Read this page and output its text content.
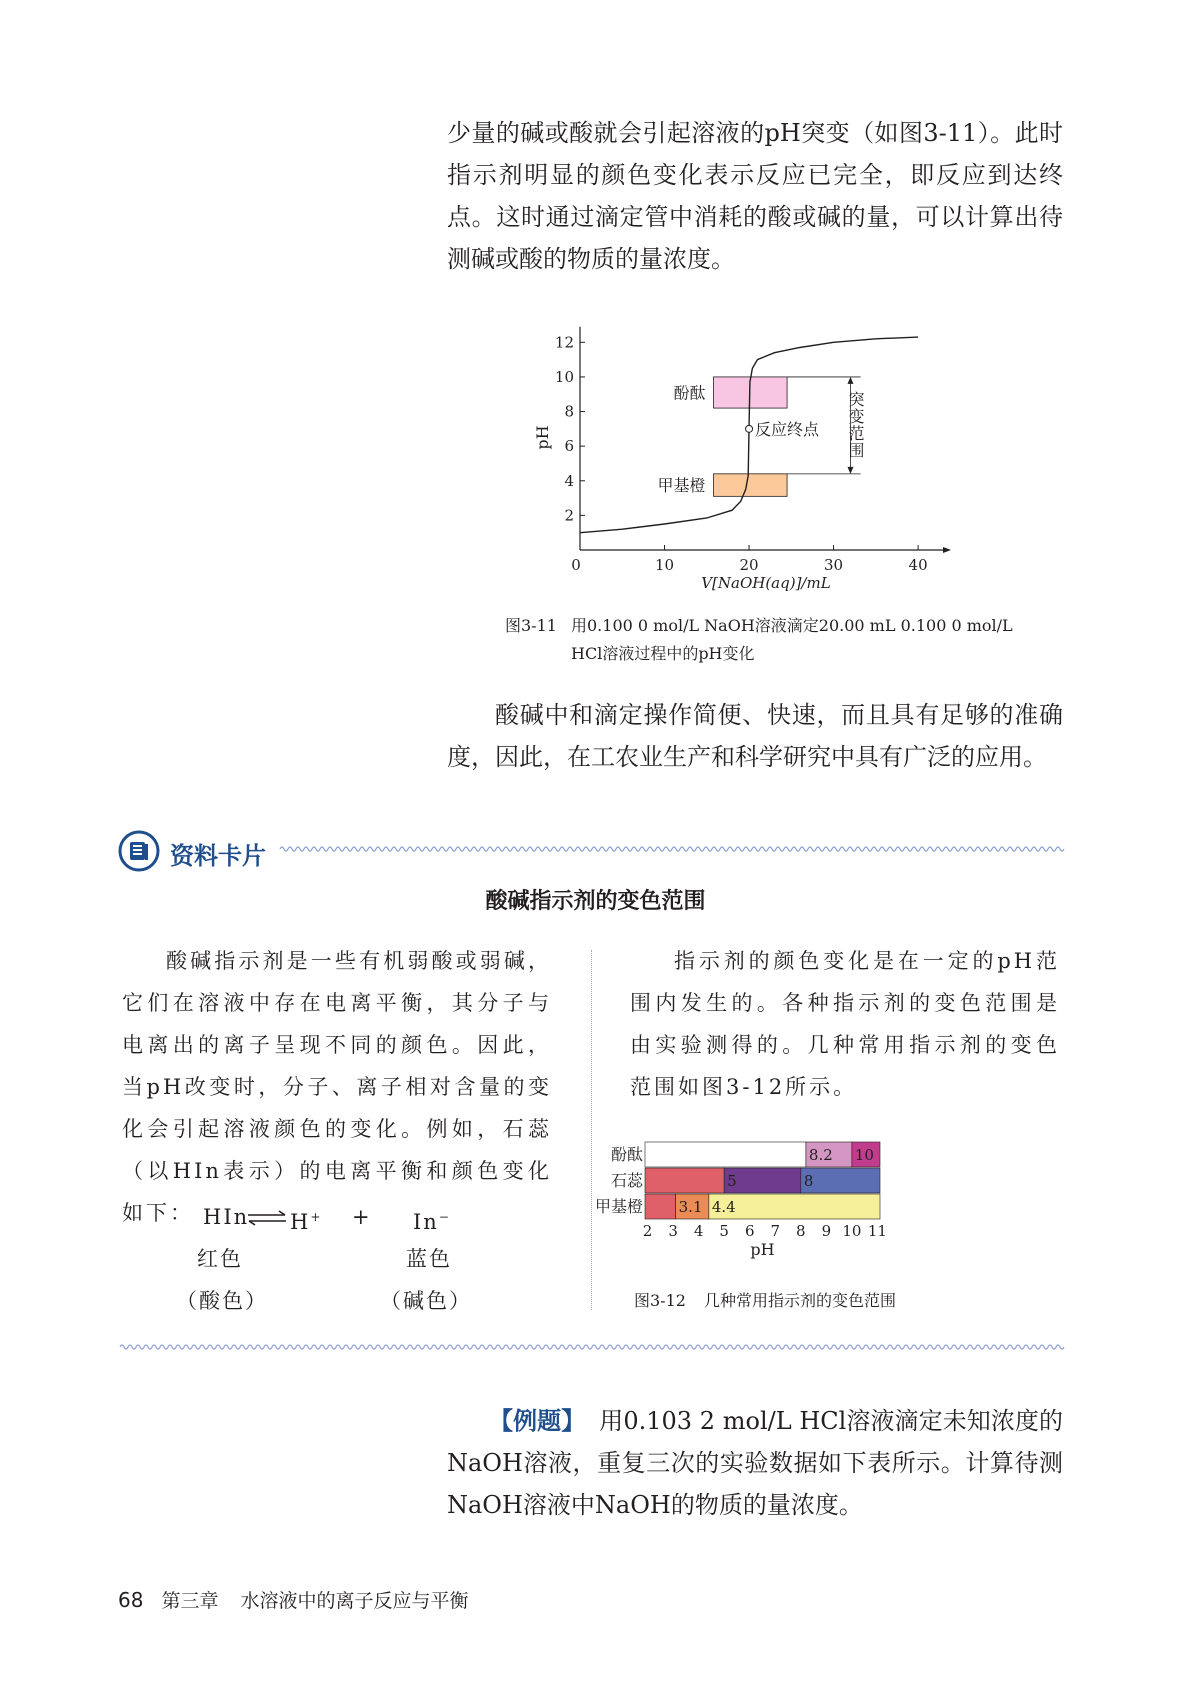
少量的碱或酸就会引起溶液的pH突变（如图3-11）。此时指示剂明显的颜色变化表示反应已完全，即反应到达终点。这时通过滴定管中消耗的酸或碱的量，可以计算出待测碱或酸的物质的量浓度。

0	10	20	30	40
2
4
6
8
10
12
pH
V[NaOH(aq)]/mL
酚酞
甲基橙
反应终点 突变范围
图3-11 用0.100 0 mol/L NaOH溶液滴定20.00 mL 0.100 0 mol/L
HCl溶液过程中的pH变化

酸碱中和滴定操作简便、快速，而且具有足够的准确度，因此，在工农业生产和科学研究中具有广泛的应用。

资料卡片
酸碱指示剂的变色范围

酸碱指示剂是一些有机弱酸或弱碱，它们在溶液中存在电离平衡，其分子与电离出的离子呈现不同的颜色。因此，当pH改变时，分子、离子相对含量的变化会引起溶液颜色的变化。例如，石蕊（以HIn表示）的电离平衡和颜色变化如下： HIn ⇌ H+ + In−
红色	蓝色
（酸色）	（碱色）

指示剂的颜色变化是在一定的pH范围内发生的。各种指示剂的变色范围是由实验测得的。几种常用指示剂的变色范围如图3-12所示。

酚酞	8.2 10
石蕊	5	8
甲基橙 3.1 4.4
2 3 4 5 6 7 8 9 10 11
pH
图3-12 几种常用指示剂的变色范围

【例题】 用0.103 2 mol/L HCl溶液滴定未知浓度的NaOH溶液，重复三次的实验数据如下表所示。计算待测NaOH溶液中NaOH的物质的量浓度。

68 第三章 水溶液中的离子反应与平衡
